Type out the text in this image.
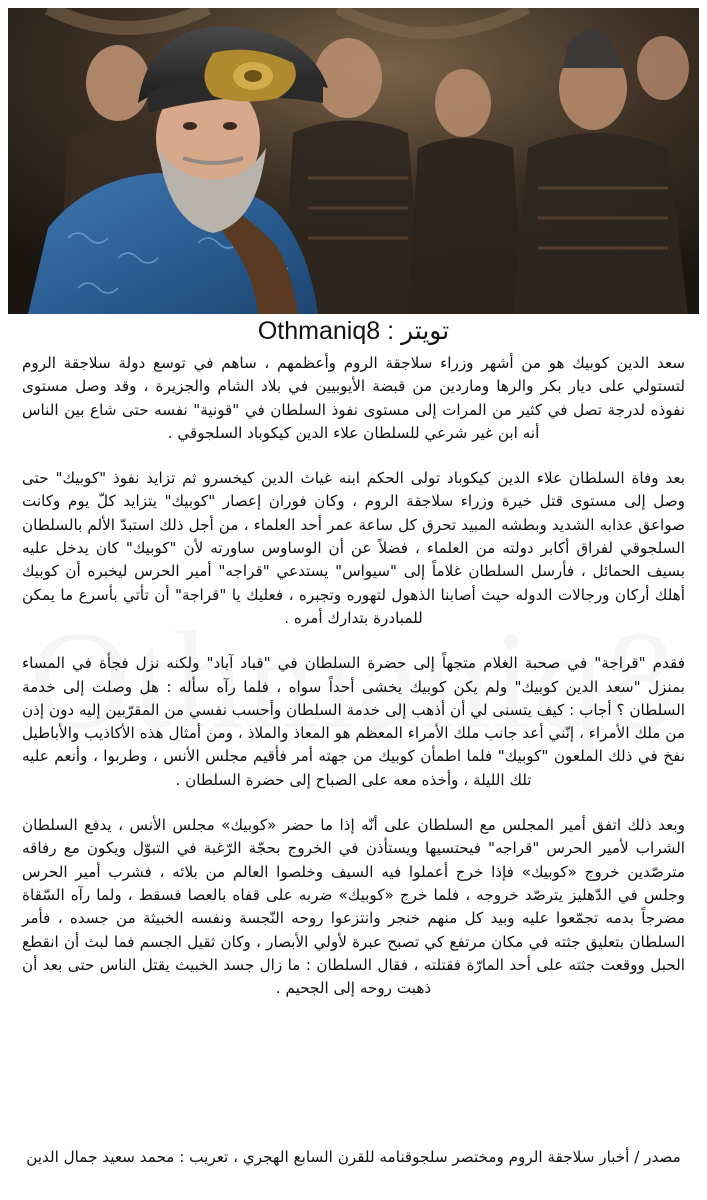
تويتر : Othmaniq8

سعد الدين كوبيك هو من أشهر وزراء سلاجقة الروم وأعظمهم ، ساهم في توسع دولة سلاجقة الروم لتستولي على ديار بكر والرها وماردين من قبضة الأيوبيين في بلاد الشام والجزيرة ، وقد وصل مستوى نفوذه لدرجة تصل في كثير من المرات إلى مستوى نفوذ السلطان في "قونية" نفسه حتى شاع بين الناس أنه ابن غير شرعي للسلطان علاء الدين كيكوباد السلجوقي .

بعد وفاة السلطان علاء الدين كيكوباد تولى الحكم ابنه غياث الدين كيخسرو ثم تزايد نفوذ "كوبيك" حتى وصل إلى مستوى قتل خيرة وزراء سلاجقة الروم ، وكان فوران إعصار "كوبيك" يتزايد كلّ يوم وكانت صواعق عذابه الشديد وبطشه المبيد تحرق كل ساعة عمر أحد العلماء ، من أجل ذلك استبدّ الألم بالسلطان السلجوقي لفراق أكابر دولته من العلماء ، فضلاً عن أن الوساوس ساورته لأن "كوبيك" كان يدخل عليه بسيف الحمائل ، فأرسل السلطان غلاماً إلى "سيواس" يستدعي "قراجه" أمير الحرس ليخبره أن كوبيك أهلك أركان ورجالات الدوله حيث أصابنا الذهول لتهوره وتجبره ، فعليك يا "قراجة" أن تأتي بأسرع ما يمكن للمبادرة بتدارك أمره .

فقدم "قراجة" في صحبة الغلام متجهاً إلى حضرة السلطان في "قباد آباد" ولكنه نزل فجأة في المساء بمنزل "سعد الدين كوبيك" ولم يكن كوبيك يخشى أحداً سواه ، فلما رآه سأله : هل وصلت إلى خدمة السلطان ؟ أجاب : كيف يتسنى لي أن أذهب إلى خدمة السلطان وأحسب نفسي من المقرّبين إليه دون إذن من ملك الأمراء ، إنّني أعد جانب ملك الأمراء المعظم هو المعاذ والملاذ ، ومن أمثال هذه الأكاذيب والأباطيل نفخ في ذلك الملعون "كوبيك" فلما اطمأن كوبيك من جهته أمر فأقيم مجلس الأنس ، وطربوا ، وأنعم عليه تلك الليلة ، وأخذه معه على الصباح إلى حضرة السلطان .

وبعد ذلك اتفق أمير المجلس مع السلطان على أنّه إذا ما حضر «كوبيك» مجلس الأنس ، يدفع السلطان الشراب لأمير الحرس "قراجه" فيحتسيها ويستأذن في الخروج بحجّة الرّغبة في التبوّل ويكون مع رفاقه مترصّدين خروج «كوبيك» فإذا خرج أعملوا فيه السيف وخلصوا العالم من بلائه ، فشرب أمير الحرس وجلس في الدّهليز يترصّد خروجه ، فلما خرج «كوبيك» ضربه على قفاه بالعصا فسقط ، ولما رآه السّقاة مضرجاً بدمه تجمّعوا عليه وبيد كل منهم خنجر وانتزعوا روحه النّجسة ونفسه الخبيثة من جسده ، فأمر السلطان بتعليق جثته في مكان مرتفع كي تصبح عبرة لأولي الأبصار ، وكان ثقيل الجسم فما لبث أن انقطع الحبل ووقعت جثته على أحد المارّة فقتلته ، فقال السلطان : ما زال جسد الخبيث يقتل الناس حتى بعد أن ذهبت روحه إلى الجحيم .

مصدر / أخبار سلاجقة الروم ومختصر سلجوقنامه للقرن السابع الهجري ، تعريب : محمد سعيد جمال الدين
